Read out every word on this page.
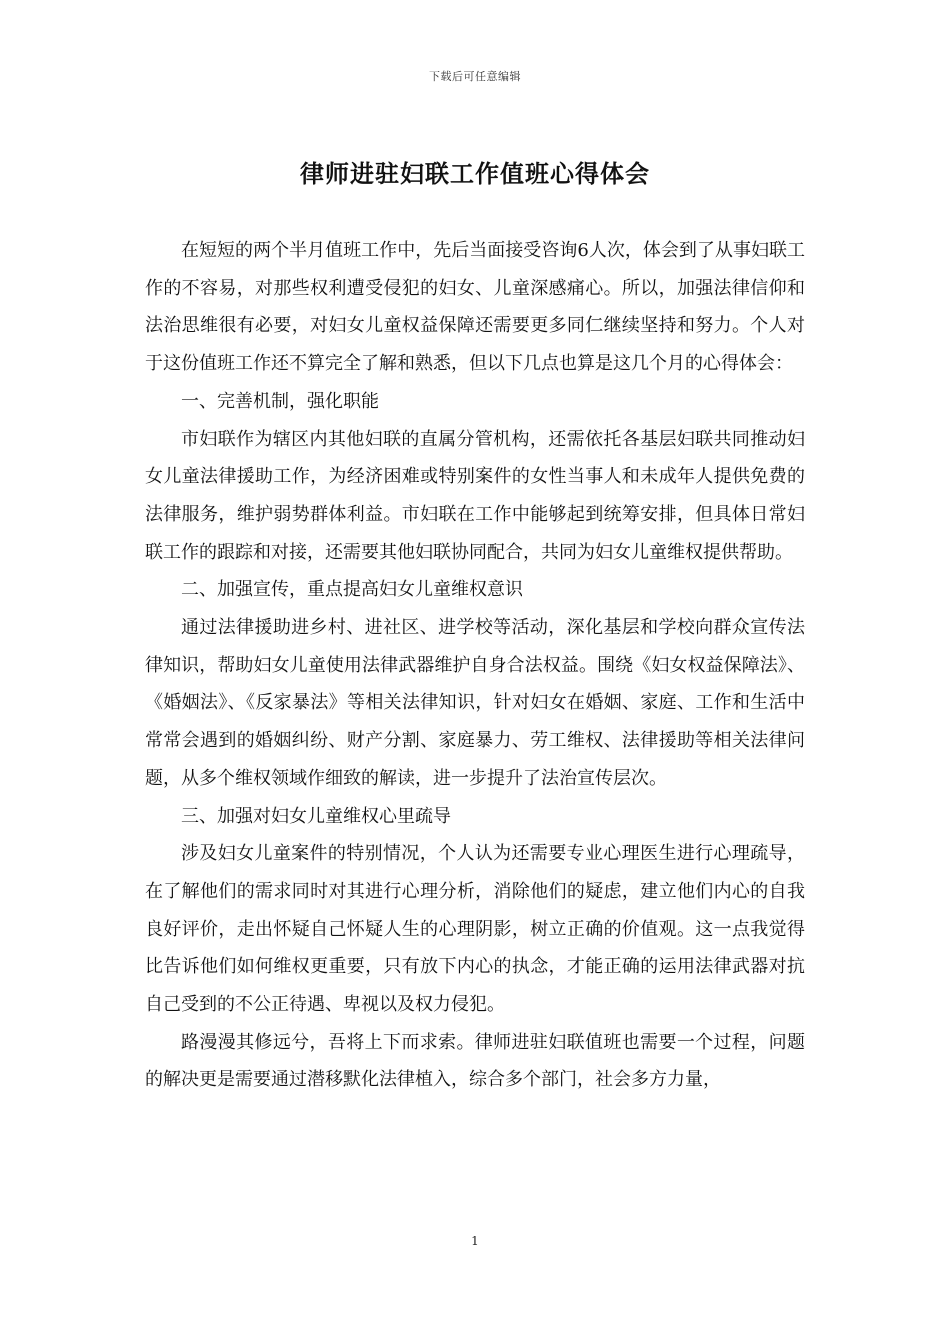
下载后可任意编辑
律师进驻妇联工作值班心得体会

在短短的两个半月值班工作中，先后当面接受咨询6人次，体会到了从事妇联工作的不容易，对那些权利遭受侵犯的妇女、儿童深感痛心。所以，加强法律信仰和法治思维很有必要，对妇女儿童权益保障还需要更多同仁继续坚持和努力。个人对于这份值班工作还不算完全了解和熟悉，但以下几点也算是这几个月的心得体会：

一、完善机制，强化职能

市妇联作为辖区内其他妇联的直属分管机构，还需依托各基层妇联共同推动妇女儿童法律援助工作，为经济困难或特别案件的女性当事人和未成年人提供免费的法律服务，维护弱势群体利益。市妇联在工作中能够起到统筹安排，但具体日常妇联工作的跟踪和对接，还需要其他妇联协同配合，共同为妇女儿童维权提供帮助。

二、加强宣传，重点提高妇女儿童维权意识

通过法律援助进乡村、进社区、进学校等活动，深化基层和学校向群众宣传法律知识，帮助妇女儿童使用法律武器维护自身合法权益。围绕《妇女权益保障法》、《婚姻法》、《反家暴法》等相关法律知识，针对妇女在婚姻、家庭、工作和生活中常常会遇到的婚姻纠纷、财产分割、家庭暴力、劳工维权、法律援助等相关法律问题，从多个维权领域作细致的解读，进一步提升了法治宣传层次。

三、加强对妇女儿童维权心里疏导

涉及妇女儿童案件的特别情况，个人认为还需要专业心理医生进行心理疏导，在了解他们的需求同时对其进行心理分析，消除他们的疑虑，建立他们内心的自我良好评价，走出怀疑自己怀疑人生的心理阴影，树立正确的价值观。这一点我觉得比告诉他们如何维权更重要，只有放下内心的执念，才能正确的运用法律武器对抗自己受到的不公正待遇、卑视以及权力侵犯。

路漫漫其修远兮，吾将上下而求索。律师进驻妇联值班也需要一个过程，问题的解决更是需要通过潜移默化法律植入，综合多个部门，社会多方力量，

1
